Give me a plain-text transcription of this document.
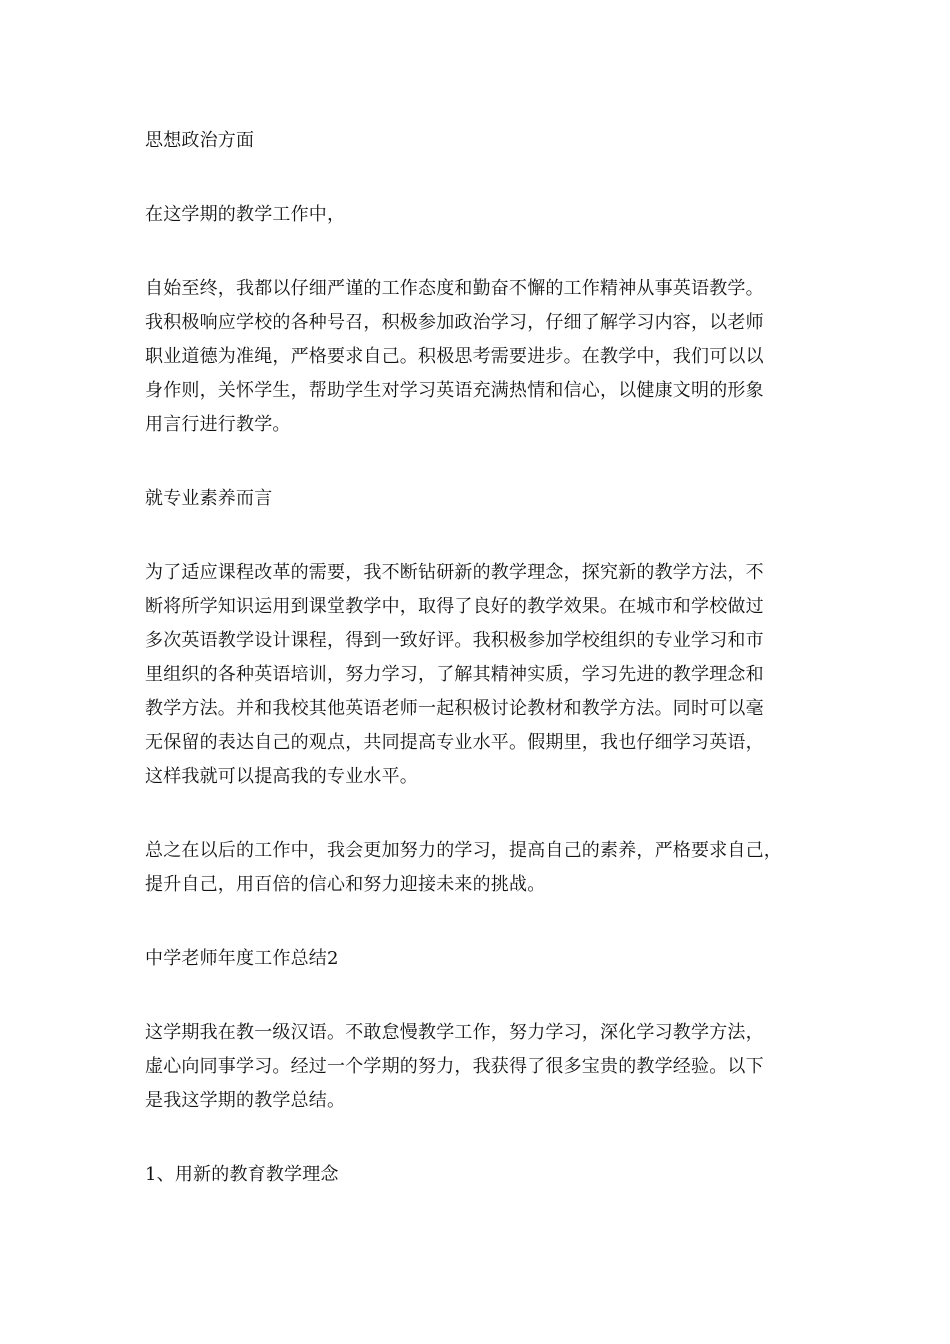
思想政治方面
在这学期的教学工作中，
自始至终，我都以仔细严谨的工作态度和勤奋不懈的工作精神从事英语教学。
我积极响应学校的各种号召，积极参加政治学习，仔细了解学习内容，以老师
职业道德为准绳，严格要求自己。积极思考需要进步。在教学中，我们可以以
身作则，关怀学生，帮助学生对学习英语充满热情和信心，以健康文明的形象
用言行进行教学。
就专业素养而言
为了适应课程改革的需要，我不断钻研新的教学理念，探究新的教学方法，不
断将所学知识运用到课堂教学中，取得了良好的教学效果。在城市和学校做过
多次英语教学设计课程，得到一致好评。我积极参加学校组织的专业学习和市
里组织的各种英语培训，努力学习，了解其精神实质，学习先进的教学理念和
教学方法。并和我校其他英语老师一起积极讨论教材和教学方法。同时可以毫
无保留的表达自己的观点，共同提高专业水平。假期里，我也仔细学习英语，
这样我就可以提高我的专业水平。
总之在以后的工作中，我会更加努力的学习，提高自己的素养，严格要求自己，
提升自己，用百倍的信心和努力迎接未来的挑战。
中学老师年度工作总结2
这学期我在教一级汉语。不敢怠慢教学工作，努力学习，深化学习教学方法，
虚心向同事学习。经过一个学期的努力，我获得了很多宝贵的教学经验。以下
是我这学期的教学总结。
1、用新的教育教学理念
